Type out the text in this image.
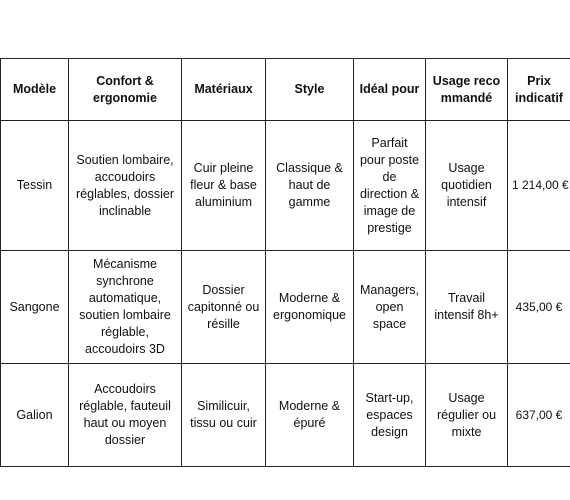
Modèle	Confort & ergonomie	Matériaux	Style	Idéal pour	Usage recommandé	Prix indicatif
Tessin	Soutien lombaire, accoudoirs réglables, dossier inclinable	Cuir pleine fleur & base aluminium	Classique & haut de gamme	Parfait pour poste de direction & image de prestige	Usage quotidien intensif	1 214,00 €
Sangone	Mécanisme synchrone automatique, soutien lombaire réglable, accoudoirs 3D	Dossier capitonné ou résille	Moderne & ergonomique	Managers, open space	Travail intensif 8h+	435,00 €
Galion	Accoudoirs réglable, fauteuil haut ou moyen dossier	Similicuir, tissu ou cuir	Moderne & épuré	Start-up, espaces design	Usage régulier ou mixte	637,00 €
